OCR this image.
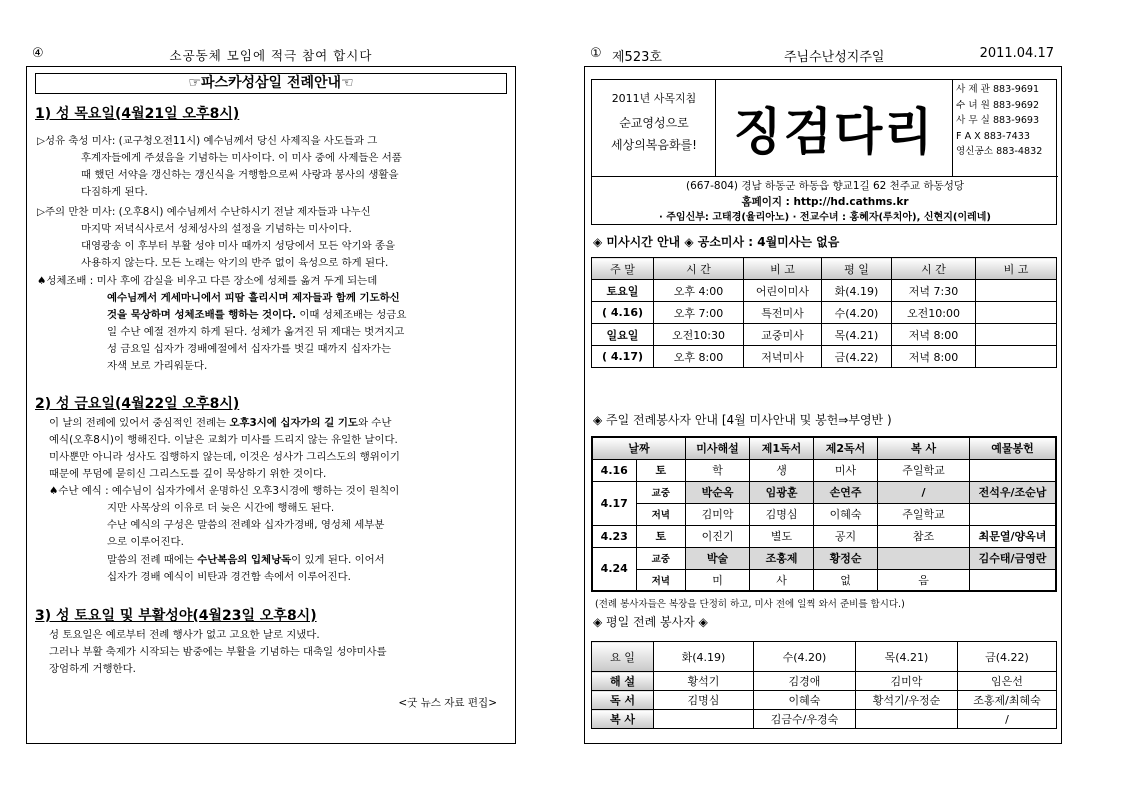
④	소공동체 모임에 적극 참여 합시다
☞파스카성삼일 전례안내☜
1) 성 목요일(4월21일 오후8시)
▷성유 축성 미사: (교구청오전11시) 예수님께서 당신 사제직을 사도들과 그
후계자들에게 주셨음을 기념하는 미사이다. 이 미사 중에 사제들은 서품
때 했던 서약을 갱신하는 갱신식을 거행함으로써 사랑과 봉사의 생활을
다짐하게 된다.
▷주의 만찬 미사: (오후8시) 예수님께서 수난하시기 전날 제자들과 나누신
마지막 저녁식사로서 성체성사의 설정을 기념하는 미사이다.
대영광송 이 후부터 부활 성야 미사 때까지 성당에서 모든 악기와 종을
사용하지 않는다. 모든 노래는 악기의 반주 없이 육성으로 하게 된다.
♠성체조배 : 미사 후에 감실을 비우고 다른 장소에 성체를 옮겨 두게 되는데
예수님께서 게세마니에서 피땀 흘리시며 제자들과 함께 기도하신
것을 묵상하며 성체조배를 행하는 것이다. 이때 성체조배는 성금요
일 수난 예절 전까지 하게 된다. 성체가 옮겨진 뒤 제대는 벗겨지고
성 금요일 십자가 경배예절에서 십자가를 벗길 때까지 십자가는
자색 보로 가리워둔다.
2) 성 금요일(4월22일 오후8시)
이 날의 전례에 있어서 중심적인 전례는 오후3시에 십자가의 길 기도와 수난
예식(오후8시)이 행해진다. 이날은 교회가 미사를 드리지 않는 유일한 날이다.
미사뿐만 아니라 성사도 집행하지 않는데, 이것은 성사가 그리스도의 행위이기
때문에 무덤에 묻히신 그리스도를 깊이 묵상하기 위한 것이다.
♠수난 예식 : 예수님이 십자가에서 운명하신 오후3시경에 행하는 것이 원칙이
지만 사목상의 이유로 더 늦은 시간에 행해도 된다.
수난 예식의 구성은 말씀의 전례와 십자가경배, 영성체 세부분
으로 이루어진다.
말씀의 전례 때에는 수난복음의 입체낭독이 있게 된다. 이어서
십자가 경배 예식이 비탄과 경건함 속에서 이루어진다.
3) 성 토요일 및 부활성야(4월23일 오후8시)
성 토요일은 예로부터 전례 행사가 없고 고요한 날로 지냈다.
그러나 부활 축제가 시작되는 밤중에는 부활을 기념하는 대축일 성야미사를
장엄하게 거행한다.
<굿 뉴스 자료 편집>
① 제523호	주님수난성지주일	2011.04.17
2011년 사목지침
순교영성으로
세상의복음화를! 징검다리
사 제 관 883-9691
수 녀 원 883-9692
사 무 실 883-9693
F A X 883-7433
영신공소 883-4832
(667-804) 경남 하동군 하동읍 향교1길 62 천주교 하동성당
홈페이지 : http://hd.cathms.kr
· 주임신부: 고태경(율리아노) · 전교수녀 : 홍혜자(루치아), 신현지(이레네)
◈ 미사시간 안내 ◈ 공소미사 : 4월미사는 없음
주 말	시 간	비 고	평 일	시 간	비 고
토요일	오후 4:00	어린이미사	화(4.19)	저녁 7:30	
( 4.16)	오후 7:00	특전미사	수(4.20)	오전10:00	
일요일	오전10:30	교중미사	목(4.21)	저녁 8:00	
( 4.17)	오후 8:00	저녁미사	금(4.22)	저녁 8:00	
◈ 주일 전례봉사자 안내 [4월 미사안내 및 봉헌⇒부영반 )
날짜		미사해설	제1독서	제2독서	복 사	예물봉헌
4.16	토	학	생	미사	주일학교	
4.17	교중	박순옥	임광훈	손연주	/	전석우/조순남
	저녁	김미악	김명심	이혜숙	주일학교	
4.23	토	이진기	별도	공지	참조	최문열/양옥녀
4.24	교중	박술	조홍제	황정순		김수태/금영란
	저녁	미	사	없	음	
(전례 봉사자들은 복장을 단정히 하고, 미사 전에 일찍 와서 준비를 합시다.)
◈ 평일 전례 봉사자 ◈
요 일	화(4.19)	수(4.20)	목(4.21)	금(4.22)
해 설	황석기	김경애	김미악	임은선
독 서	김명심	이혜숙	황석기/우정순	조홍제/최혜숙
복 사		김금수/우경숙		/
